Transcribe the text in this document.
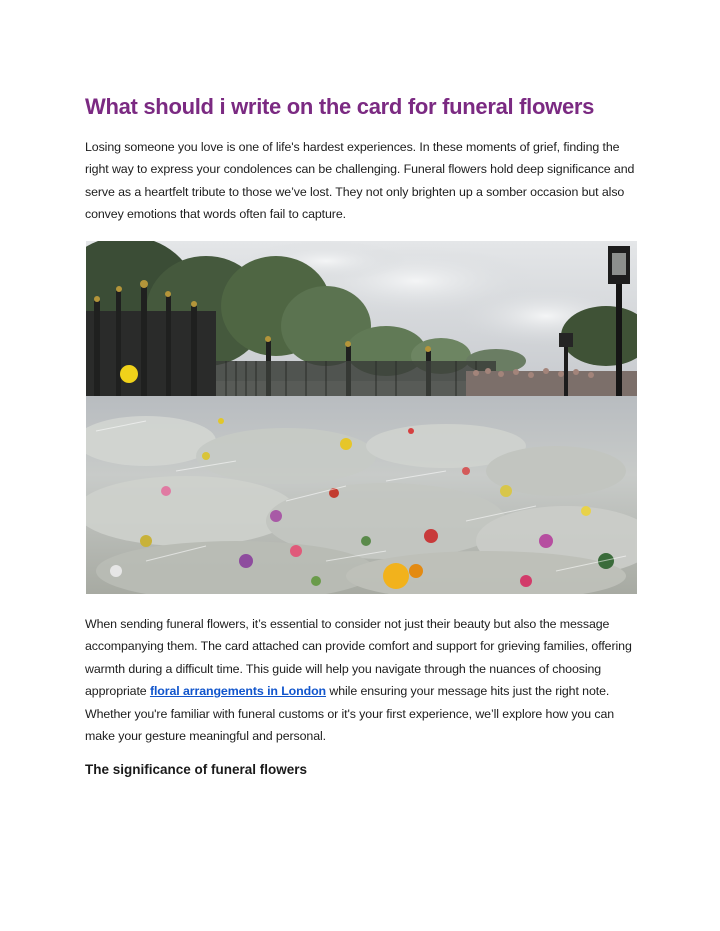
What should i write on the card for funeral flowers

Losing someone you love is one of life's hardest experiences. In these moments of grief, finding the right way to express your condolences can be challenging. Funeral flowers hold deep significance and serve as a heartfelt tribute to those we’ve lost. They not only brighten up a somber occasion but also convey emotions that words often fail to capture.

When sending funeral flowers, it’s essential to consider not just their beauty but also the message accompanying them. The card attached can provide comfort and support for grieving families, offering warmth during a difficult time. This guide will help you navigate through the nuances of choosing appropriate floral arrangements in London while ensuring your message hits just the right note. Whether you're familiar with funeral customs or it's your first experience, we’ll explore how you can make your gesture meaningful and personal.

The significance of funeral flowers
